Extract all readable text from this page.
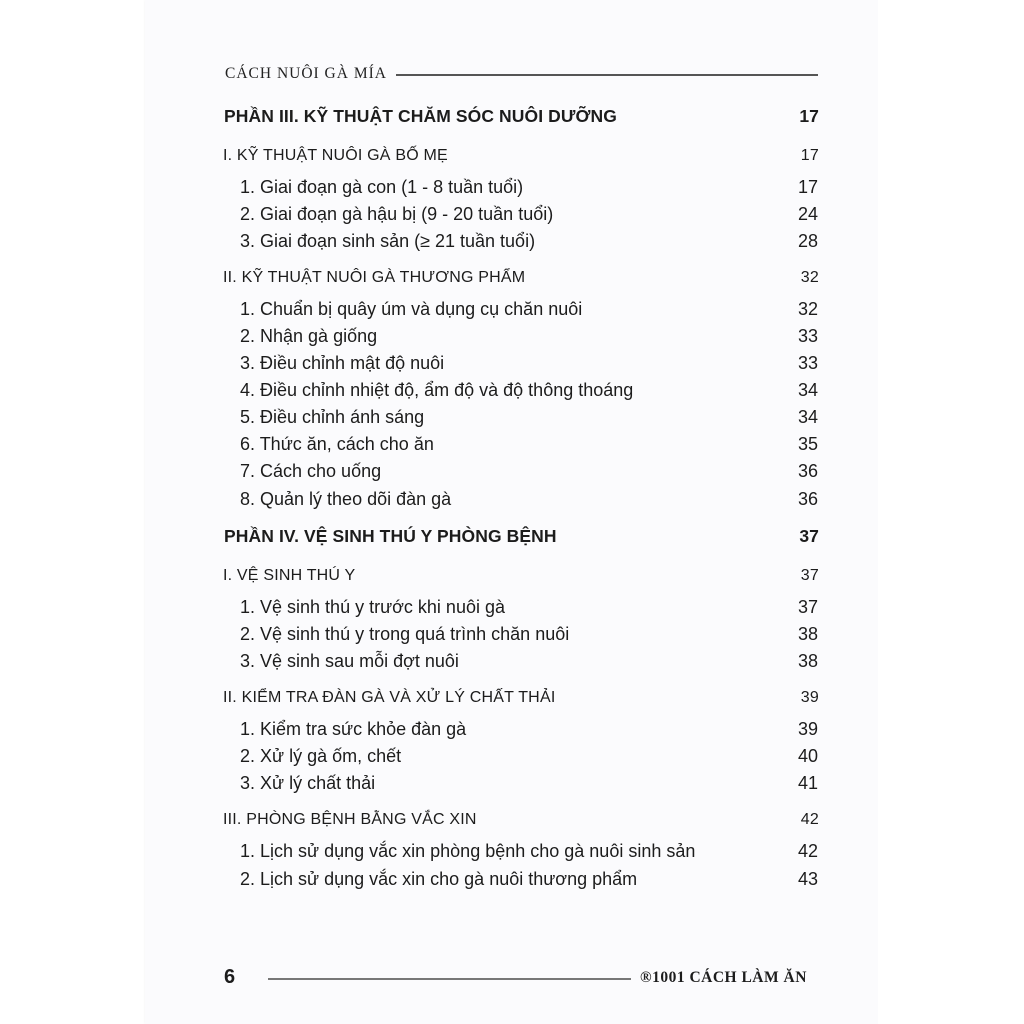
CÁCH NUÔI GÀ MÍA
PHẦN III. KỸ THUẬT CHĂM SÓC NUÔI DƯỠNG	17
I. KỸ THUẬT NUÔI GÀ BỐ MẸ	17
1. Giai đoạn gà con (1 - 8 tuần tuổi)	17
2. Giai đoạn gà hậu bị (9 - 20 tuần tuổi)	24
3. Giai đoạn sinh sản (≥ 21 tuần tuổi)	28
II. KỸ THUẬT NUÔI GÀ THƯƠNG PHẨM	32
1. Chuẩn bị quây úm và dụng cụ chăn nuôi	32
2. Nhận gà giống	33
3. Điều chỉnh mật độ nuôi	33
4. Điều chỉnh nhiệt độ, ẩm độ và độ thông thoáng	34
5. Điều chỉnh ánh sáng	34
6. Thức ăn, cách cho ăn	35
7. Cách cho uống	36
8. Quản lý theo dõi đàn gà	36
PHẦN IV. VỆ SINH THÚ Y PHÒNG BỆNH	37
I. VỆ SINH THÚ Y	37
1. Vệ sinh thú y trước khi nuôi gà	37
2. Vệ sinh thú y trong quá trình chăn nuôi	38
3. Vệ sinh sau mỗi đợt nuôi	38
II. KIỂM TRA ĐÀN GÀ VÀ XỬ LÝ CHẤT THẢI	39
1. Kiểm tra sức khỏe đàn gà	39
2. Xử lý gà ốm, chết	40
3. Xử lý chất thải	41
III. PHÒNG BỆNH BẰNG VẮC XIN	42
1. Lịch sử dụng vắc xin phòng bệnh cho gà nuôi sinh sản	42
2. Lịch sử dụng vắc xin cho gà nuôi thương phẩm	43
6	®1001 CÁCH LÀM ĂN
